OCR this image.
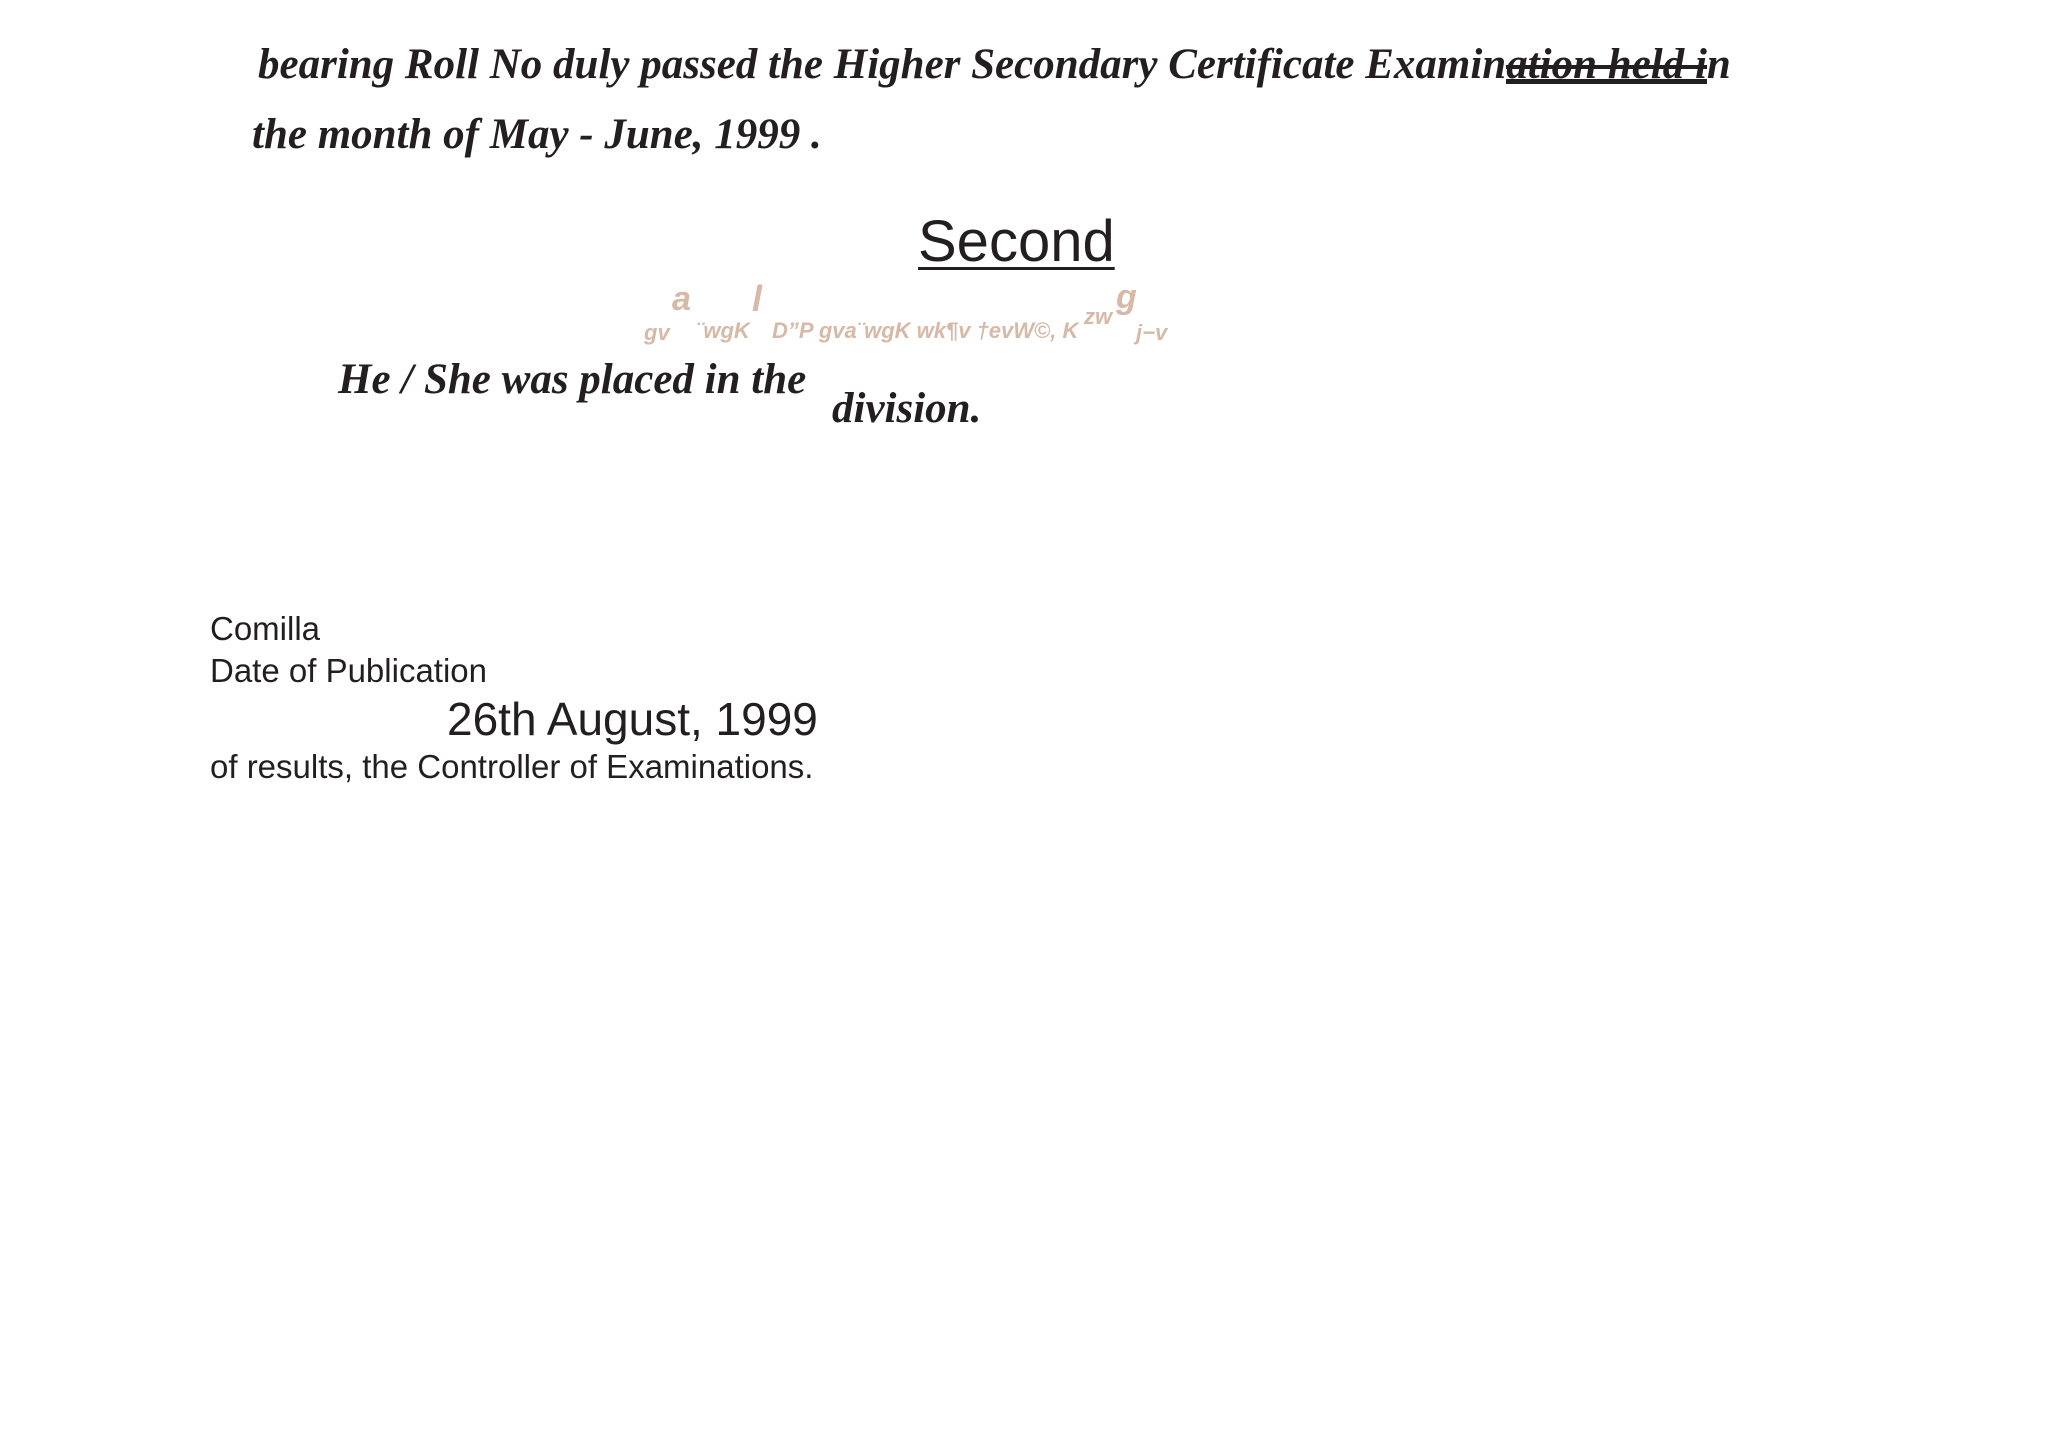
bearing Roll No duly passed the Higher Secondary Certificate Examination held i
n
the month of May - June, 1999 .
Second
gv
a
¨wgK
l
D”P gva¨wgK wk¶v †evW©, K
zw
g
j−v
He / She was placed in the
division.
Comilla
Date of Publication
26th August, 1999
of results, the Controller of Examinations.
